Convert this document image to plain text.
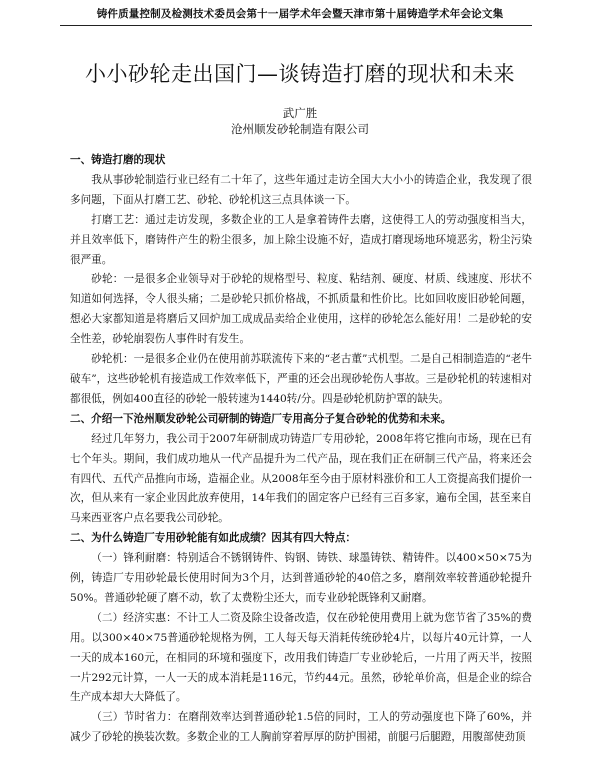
铸件质量控制及检测技术委员会第十一届学术年会暨天津市第十届铸造学术年会论文集
小小砂轮走出国门—谈铸造打磨的现状和未来
武广胜
沧州顺发砂轮制造有限公司
一、铸造打磨的现状

我从事砂轮制造行业已经有二十年了，这些年通过走访全国大大小小的铸造企业，我发现了很多问题，下面从打磨工艺、砂轮、砂轮机这三点具体谈一下。

打磨工艺：通过走访发现，多数企业的工人是拿着铸件去磨，这使得工人的劳动强度相当大，并且效率低下，磨铸件产生的粉尘很多，加上除尘设施不好，造成打磨现场地环境恶劣，粉尘污染很严重。

砂轮：一是很多企业领导对于砂轮的规格型号、粒度、粘结剂、硬度、材质、线速度、形状不知道如何选择，令人很头痛；二是砂轮只抓价格战，不抓质量和性价比。比如回收废旧砂轮间题，想必大家都知道是将磨后又回炉加工成成品卖给企业使用，这样的砂轮怎么能好用！二是砂轮的安全性差，砂轮崩裂伤人事件时有发生。

砂轮机：一是很多企业仍在使用前苏联流传下来的“老古董”式机型。二是自己相制造造的“老牛破车”，这些砂轮机有接造成工作效率低下，严重的还会出现砂轮伤人事故。三是砂轮机的转速相对都很低，例如400直径的砂轮一般转速为1440转/分。四是砂轮机防护罩的缺失。

二、介绍一下沧州顺发砂轮公司研制的铸造厂专用高分子复合砂轮的优势和未来。

经过几年努力，我公司于2007年研制成功铸造厂专用砂轮，2008年将它推向市场，现在已有七个年头。期间，我们成功地从一代产品提升为二代产品，现在我们正在研制三代产品，将来还会有四代、五代产品推向市场，造福企业。从2008年至今由于原材料涨价和工人工资提高我们提价一次，但从来有一家企业因此放弃使用，14年我们的固定客户已经有三百多家，遍布全国，甚至来自马来西亚客户点名要我公司砂轮。

二、为什么铸造厂专用砂轮能有如此成绩？因其有四大特点：

（一）锋利耐磨：特别适合不锈钢铸件、钩钢、铸铁、球墨铸铁、精铸件。以400×50×75为例，铸造厂专用砂轮最长使用时间为3个月，达到普通砂轮的40倍之多，磨削效率较普通砂轮提升50%。普通砂轮硬了磨不动，软了太费粉尘还大，而专业砂轮既锋利又耐磨。

（二）经济实惠：不计工人二资及除尘设备改造，仅在砂轮使用费用上就为您节省了35%的费用。以300×40×75普通砂轮规格为例，工人每天每天消耗传统砂轮4片，以每片40元计算，一人一天的成本160元，在相同的环境和强度下，改用我们铸造厂专业砂轮后，一片用了两天半，按照一片292元计算，一人一天的成本消耗是116元，节约44元。虽然，砂轮单价高，但是企业的综合生产成本却大大降低了。

（三）节时省力：在磨削效率达到普通砂轮1.5倍的同时，工人的劳动强度也下降了60%，并减少了砂轮的换装次数。多数企业的工人胸前穿着厚厚的防护围裙，前腿弓后腿蹬，用腹部使劲顶
